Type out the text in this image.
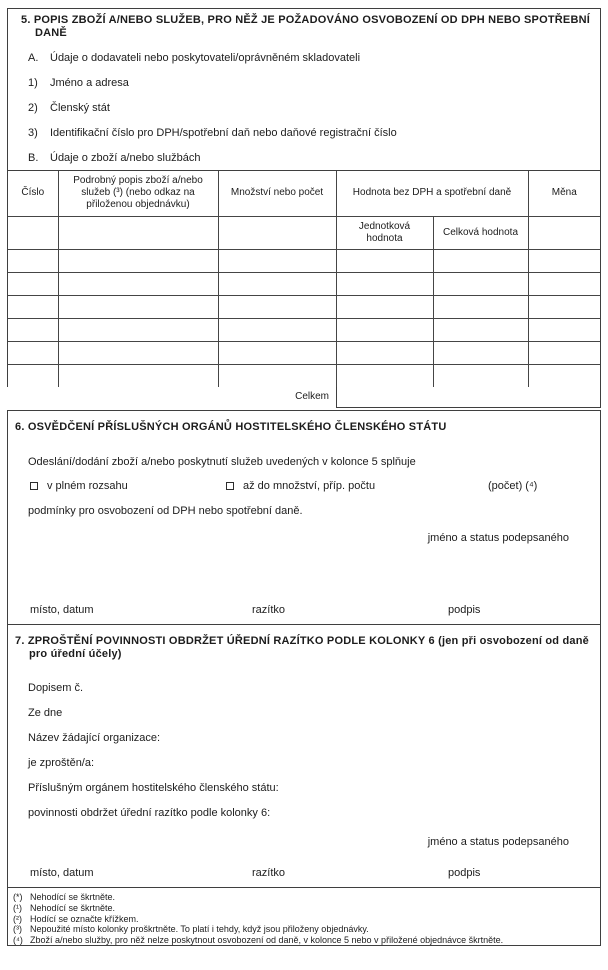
5. POPIS ZBOŽÍ A/NEBO SLUŽEB, PRO NĚŽ JE POŽADOVÁNO OSVOBOZENÍ OD DPH NEBO SPOTŘEBNÍ DANĚ
A.	Údaje o dodavateli nebo poskytovateli/oprávněném skladovateli
1)	Jméno a adresa
2)	Členský stát
3)	Identifikační číslo pro DPH/spotřební daň nebo daňové registrační číslo
B.	Údaje o zboží a/nebo službách
Číslo	Podrobný popis zboží a/nebo služeb (³) (nebo odkaz na přiloženou objednávku)	Množství nebo počet	Hodnota bez DPH a spotřební daně		Měna
			Jednotková hodnota	Celková hodnota	

Celkem
6. OSVĚDČENÍ PŘÍSLUŠNÝCH ORGÁNŮ HOSTITELSKÉHO ČLENSKÉHO STÁTU
Odeslání/dodání zboží a/nebo poskytnutí služeb uvedených v kolonce 5 splňuje
v plném rozsahu	až do množství, příp. počtu	(počet) (⁴)
podmínky pro osvobození od DPH nebo spotřební daně.
jméno a status podepsaného
místo, datum	razítko	podpis
7. ZPROŠTĚNÍ POVINNOSTI OBDRŽET ÚŘEDNÍ RAZÍTKO PODLE KOLONKY 6 (jen při osvobození od daně pro úřední účely)
Dopisem č.
Ze dne
Název žádající organizace:
je zproštěn/a:
Příslušným orgánem hostitelského členského státu:
povinnosti obdržet úřední razítko podle kolonky 6:
jméno a status podepsaného
místo, datum	razítko	podpis
(*) Nehodící se škrtněte.
(¹) Nehodící se škrtněte.
(²) Hodící se označte křížkem.
(³) Nepoužité místo kolonky proškrtněte. To platí i tehdy, když jsou přiloženy objednávky.
(⁴) Zboží a/nebo služby, pro něž nelze poskytnout osvobození od daně, v kolonce 5 nebo v přiložené objednávce škrtněte.
